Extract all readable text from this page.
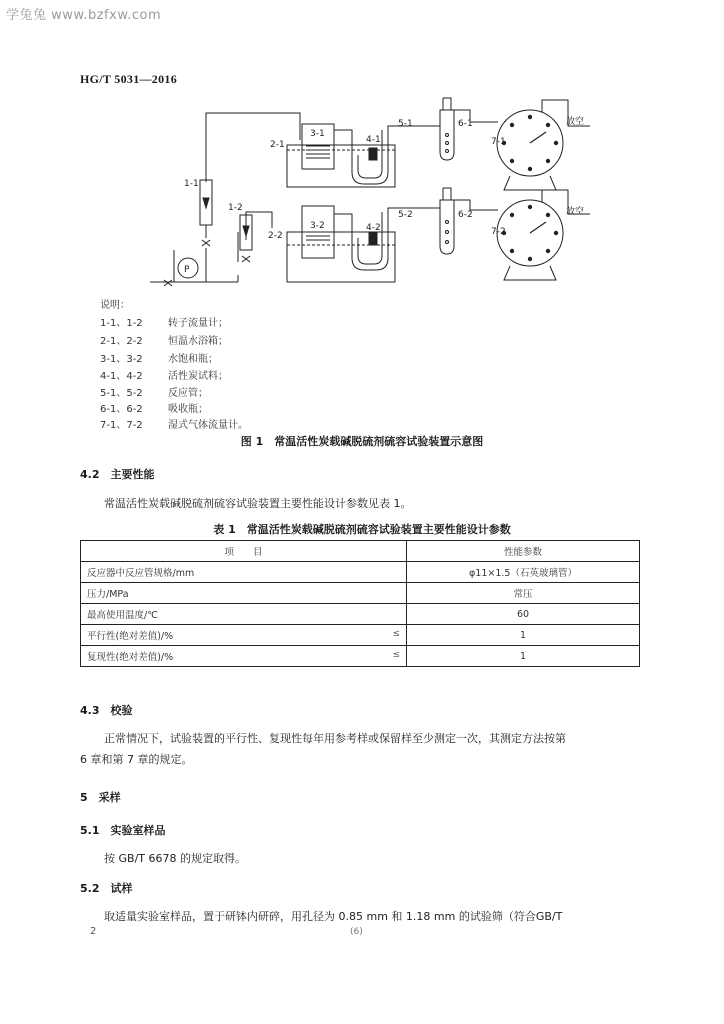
学兔兔 www.bzfxw.com
HG/T 5031—2016
1-1
1-2
2-1
2-2
3-1
3-2
4-1
4-2
5-1
5-2
6-1
6-2
7-1
7-2
P
放空
放空
说明：
1-1、1-2	转子流量计；
2-1、2-2	恒温水浴箱；
3-1、3-2	水饱和瓶；
4-1、4-2	活性炭试料；
5-1、5-2	反应管；
6-1、6-2	吸收瓶；
7-1、7-2	湿式气体流量计。
图 1　常温活性炭载碱脱硫剂硫容试验装置示意图
4.2　 主要性能
常温活性炭载碱脱硫剂硫容试验装置主要性能设计参数见表 1。
表 1　常温活性炭载碱脱硫剂硫容试验装置主要性能设计参数
项　　目	性能参数
反应器中反应管规格/mm	φ11×1.5（石英玻璃管）
压力/MPa	常压
最高使用温度/℃	60
平行性(绝对差值)/% ≤	1
复现性(绝对差值)/% ≤	1
4.3　 校验
正常情况下，试验装置的平行性、复现性每年用参考样或保留样至少测定一次，其测定方法按第
6 章和第 7 章的规定。
5　 采样
5.1　 实验室样品
按 GB/T 6678 的规定取得。
5.2　 试样
取适量实验室样品，置于研钵内研碎，用孔径为 0.85 mm 和 1.18 mm 的试验筛（符合GB/T
2	(6)
